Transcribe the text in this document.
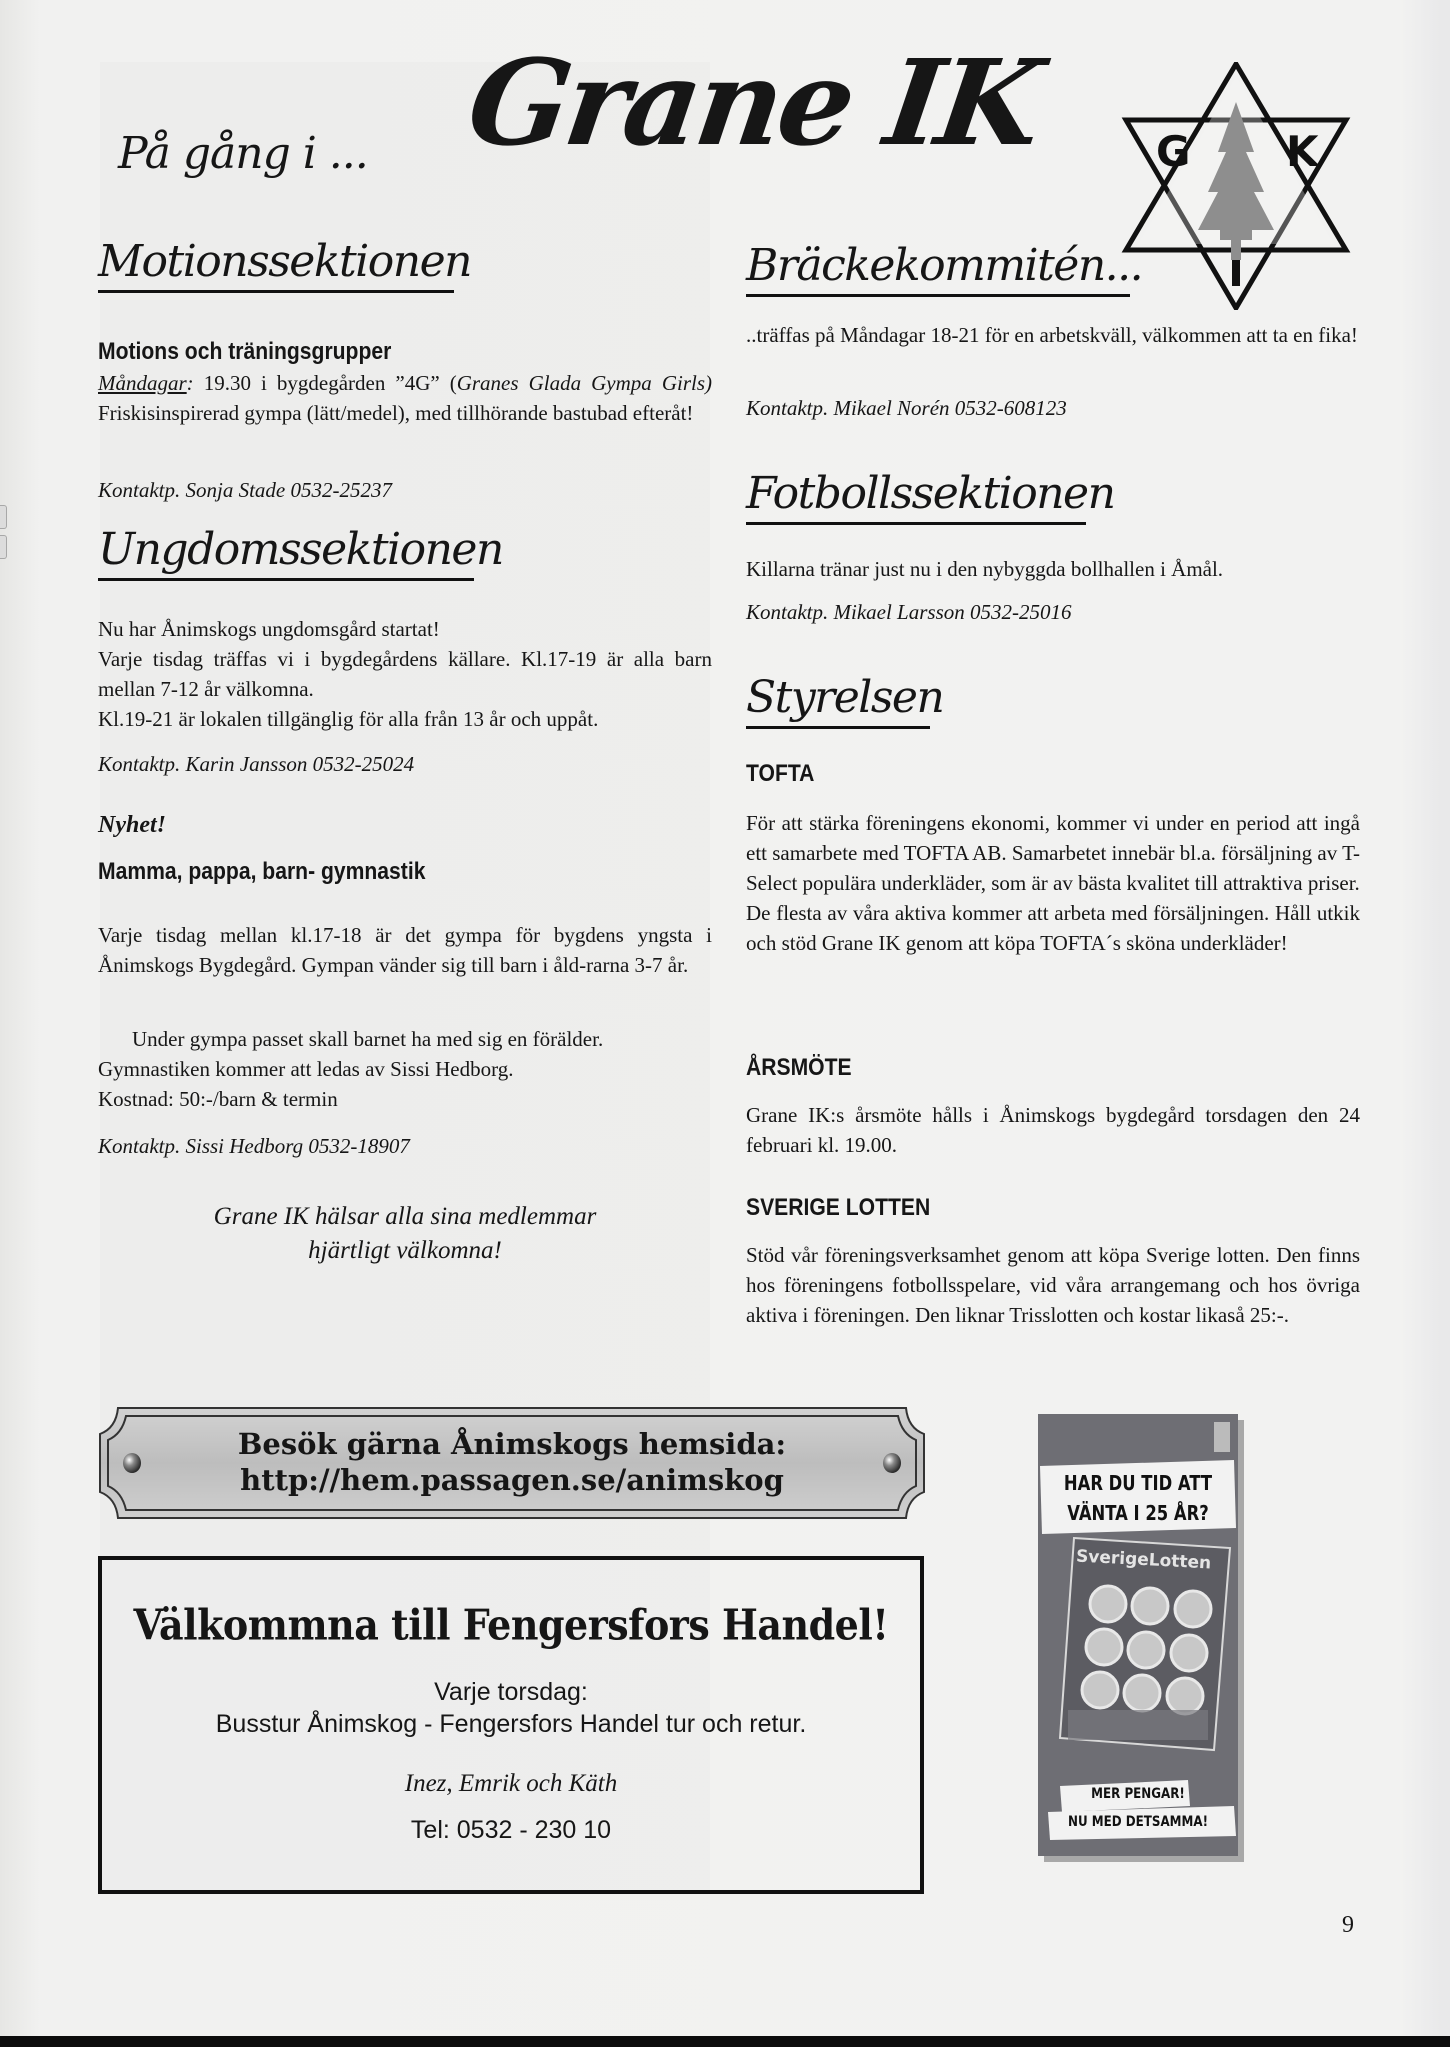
På gång i ... Grane IK	G K
Motionssektionen
Motions och träningsgrupper
Måndagar: 19.30 i bygdegården ”4G” (Granes Glada Gympa Girls) Friskisinspirerad gympa (lätt/medel), med tillhörande bastubad efteråt!
Kontaktp. Sonja Stade 0532-25237
Ungdomssektionen
Nu har Ånimskogs ungdomsgård startat!
Varje tisdag träffas vi i bygdegårdens källare. Kl.17-19 är alla barn mellan 7-12 år välkomna.
Kl.19-21 är lokalen tillgänglig för alla från 13 år och uppåt.
Kontaktp. Karin Jansson 0532-25024
Nyhet!
Mamma, pappa, barn- gymnastik
Varje tisdag mellan kl.17-18 är det gympa för bygdens yngsta i Ånimskogs Bygdegård. Gympan vänder sig till barn i åld-rarna 3-7 år.
Under gympa passet skall barnet ha med sig en förälder.
Gymnastiken kommer att ledas av Sissi Hedborg.
Kostnad: 50:-/barn & termin
Kontaktp. Sissi Hedborg 0532-18907
Grane IK hälsar alla sina medlemmar
hjärtligt välkomna!
Bräckekommitén...
..träffas på Måndagar 18-21 för en arbetskväll, välkommen att ta en fika!
Kontaktp. Mikael Norén 0532-608123
Fotbollssektionen
Killarna tränar just nu i den nybyggda bollhallen i Åmål.
Kontaktp. Mikael Larsson 0532-25016
Styrelsen
TOFTA
För att stärka föreningens ekonomi, kommer vi under en period att ingå ett samarbete med TOFTA AB. Samarbetet innebär bl.a. försäljning av T-Select populära underkläder, som är av bästa kvalitet till attraktiva priser.
De flesta av våra aktiva kommer att arbeta med försäljningen. Håll utkik och stöd Grane IK genom att köpa TOFTA´s sköna underkläder!
ÅRSMÖTE
Grane IK:s årsmöte hålls i Ånimskogs bygdegård torsdagen den 24 februari kl. 19.00.
SVERIGE LOTTEN
Stöd vår föreningsverksamhet genom att köpa Sverige lotten. Den finns hos föreningens fotbollsspelare, vid våra arrangemang och hos övriga aktiva i föreningen. Den liknar Trisslotten och kostar likaså 25:-.
Besök gärna Ånimskogs hemsida:
http://hem.passagen.se/animskog
Välkommna till Fengersfors Handel!
Varje torsdag:
Busstur Ånimskog - Fengersfors Handel tur och retur.
Inez, Emrik och Käth
Tel: 0532 - 230 10
HAR DU TID ATT
VÄNTA I 25 ÅR?
SverigeLotten
MER PENGAR!
NU MED DETSAMMA!
9
